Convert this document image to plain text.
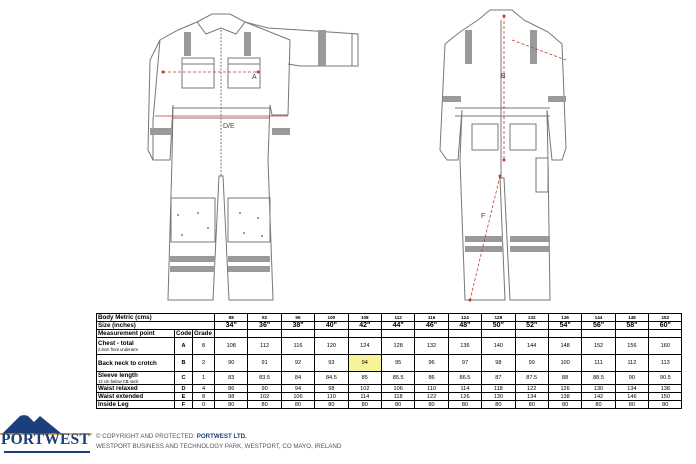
A
D/E
B
F
Body Metric (cms)			88	92	96	100	108	112	116	124	128	132	136	144	148	152
Size (inches)			34"	36"	38"	40"	42"	44"	46"	48"	50"	52"	54"	56"	58"	60"
Measurement point	Code	Grade														

Chest - total
2.5cm from underarm	A	8	108	112	116	120	124	128	132	136	140	144	148	152	156	160

Back neck to crotch	B	2	90	91	92	93	94	95	96	97	98	99	100	111	112	113

Sleeve length
12 cm below CB neck	C	1	83	83.5	84	84.5	85	85.5	86	86.5	87	87.5	88	88.5	90	90.5

Waist relaxed	D	4	86	90	94	98	102	106	110	114	118	122	126	130	134	138

Waist extended	E	8	98	102	106	110	114	118	122	126	130	134	138	142	146	150

Inside Leg	F	0	80	80	80	80	80	80	80	80	80	80	80	80	80	80
PORTWEST © COPYRIGHT AND PROTECTED: PORTWEST LTD.
WESTPORT BUSINESS AND TECHNOLOGY PARK, WESTPORT, CO MAYO, IRELAND
